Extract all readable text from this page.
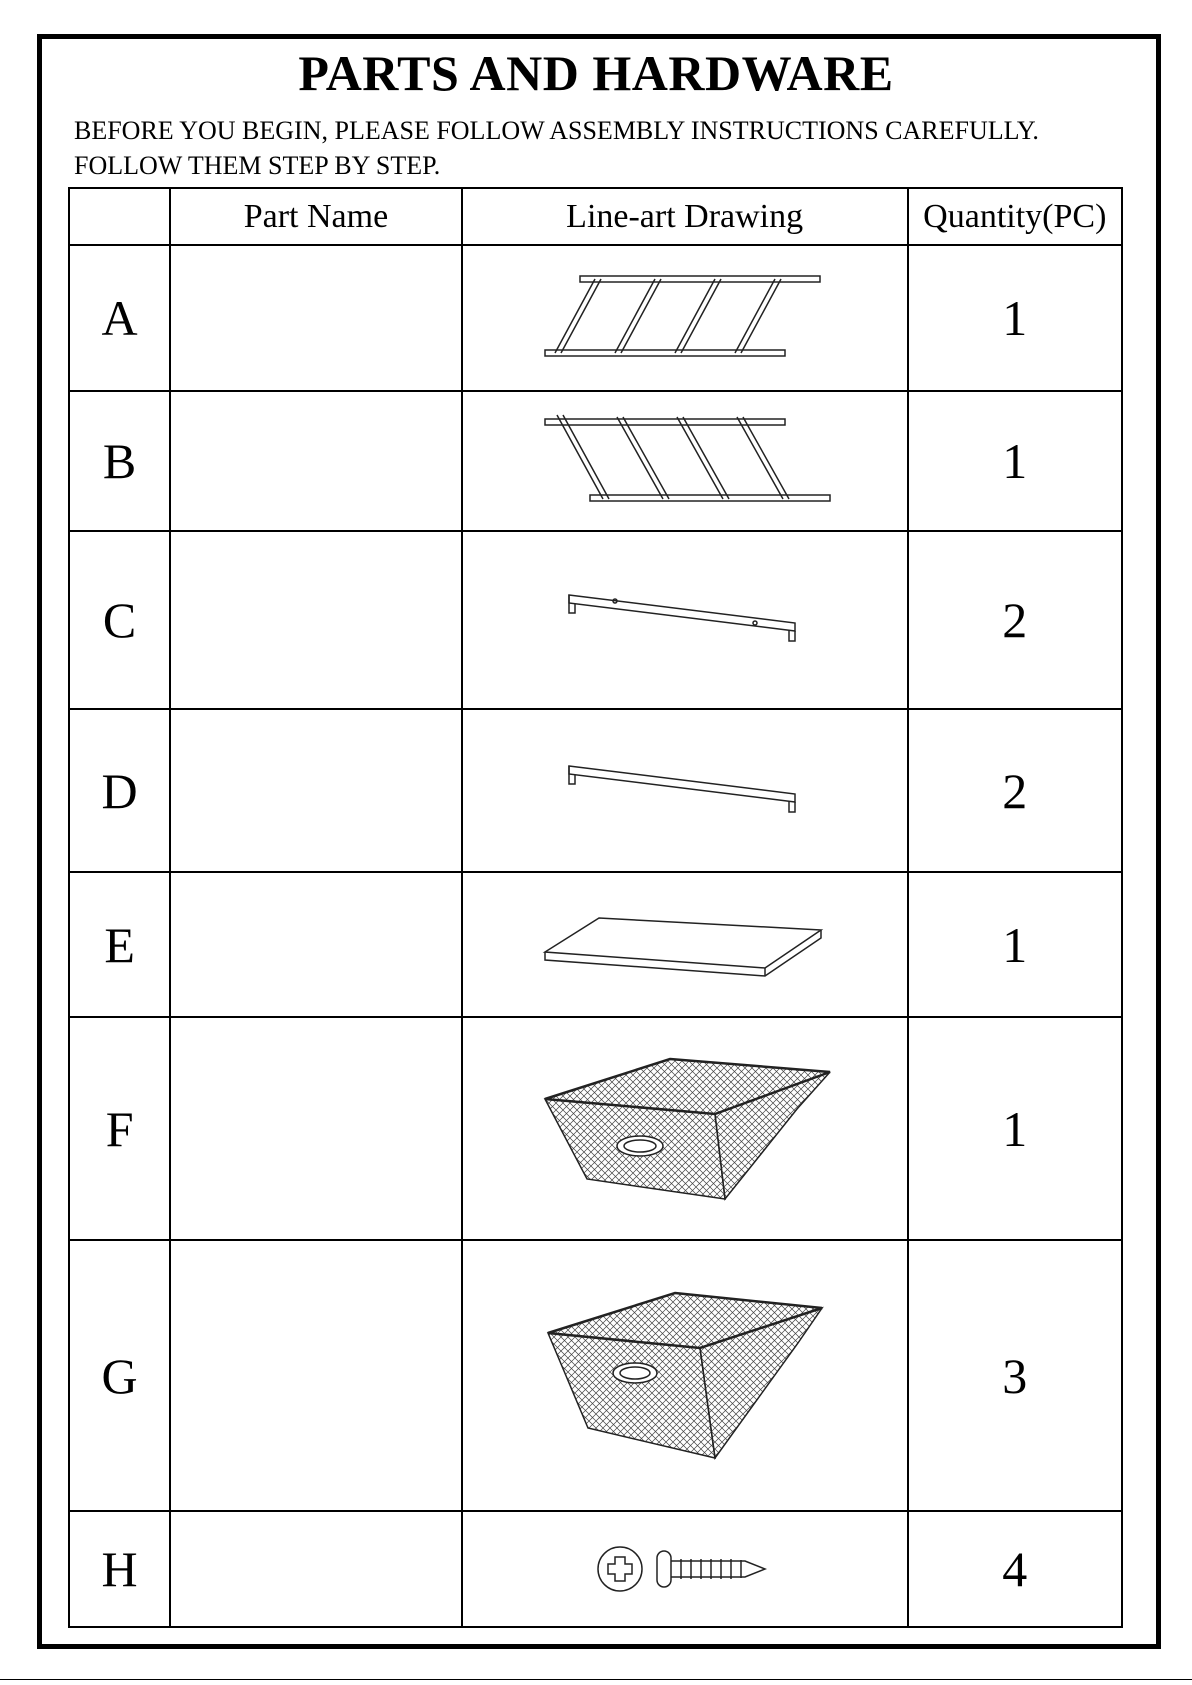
PARTS AND HARDWARE
BEFORE YOU BEGIN, PLEASE FOLLOW ASSEMBLY INSTRUCTIONS CAREFULLY.
FOLLOW THEM STEP BY STEP.
	Part Name	Line-art Drawing	Quantity(PC)
A			1
B			1
C			2
D			2
E			1
F			1
G			3
H			4
